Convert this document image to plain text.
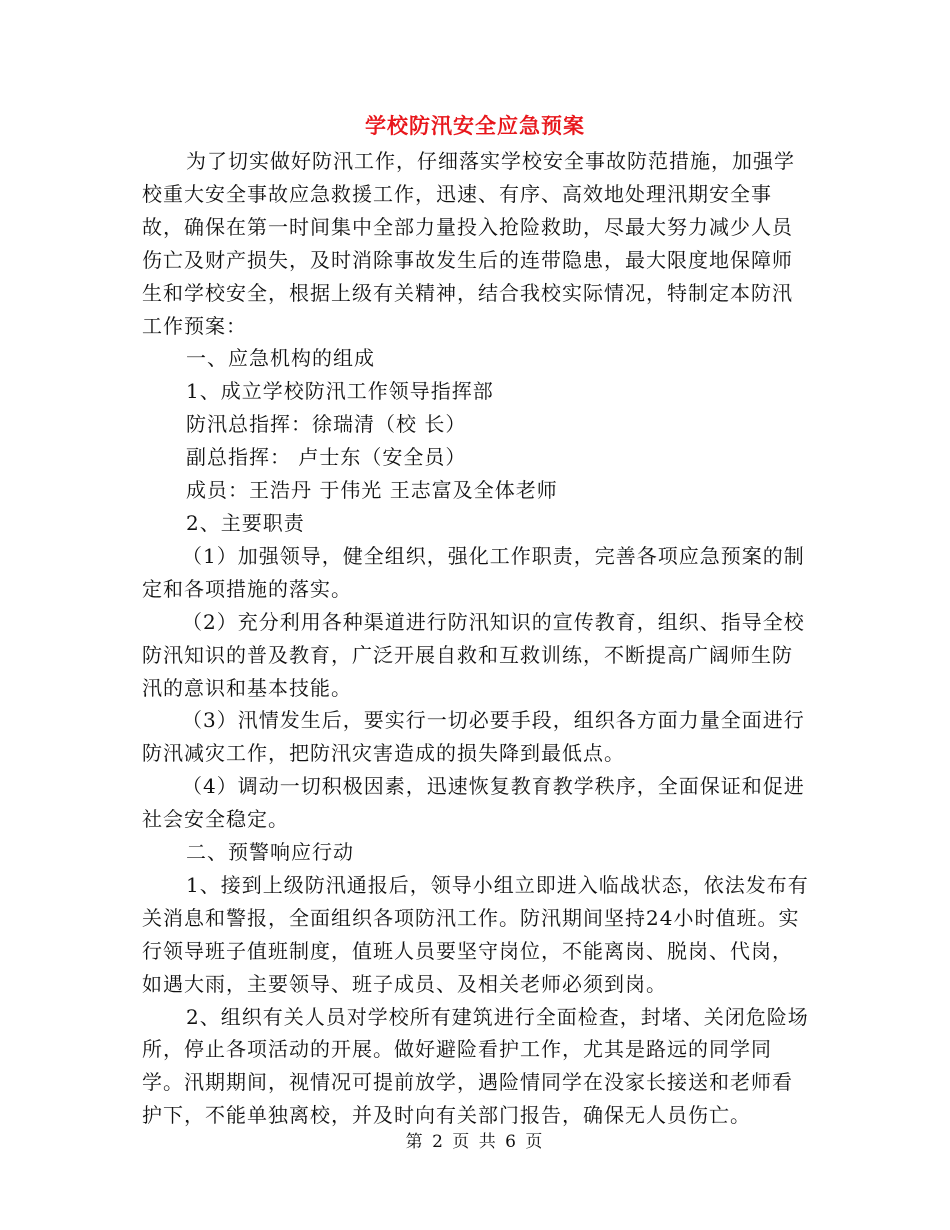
学校防汛安全应急预案

为了切实做好防汛工作，仔细落实学校安全事故防范措施，加强学校重大安全事故应急救援工作，迅速、有序、高效地处理汛期安全事故，确保在第一时间集中全部力量投入抢险救助，尽最大努力减少人员伤亡及财产损失，及时消除事故发生后的连带隐患，最大限度地保障师生和学校安全，根据上级有关精神，结合我校实际情况，特制定本防汛工作预案：

一、应急机构的组成

1、成立学校防汛工作领导指挥部

防汛总指挥：徐瑞清（校 长）

副总指挥： 卢士东（安全员）

成员：王浩丹 于伟光 王志富及全体老师

2、主要职责

（1）加强领导，健全组织，强化工作职责，完善各项应急预案的制定和各项措施的落实。

（2）充分利用各种渠道进行防汛知识的宣传教育，组织、指导全校防汛知识的普及教育，广泛开展自救和互救训练，不断提高广阔师生防汛的意识和基本技能。

（3）汛情发生后，要实行一切必要手段，组织各方面力量全面进行防汛减灾工作，把防汛灾害造成的损失降到最低点。

（4）调动一切积极因素，迅速恢复教育教学秩序，全面保证和促进社会安全稳定。

二、预警响应行动

1、接到上级防汛通报后，领导小组立即进入临战状态，依法发布有关消息和警报，全面组织各项防汛工作。防汛期间坚持24小时值班。实行领导班子值班制度，值班人员要坚守岗位，不能离岗、脱岗、代岗，如遇大雨，主要领导、班子成员、及相关老师必须到岗。

2、组织有关人员对学校所有建筑进行全面检查，封堵、关闭危险场所，停止各项活动的开展。做好避险看护工作，尤其是路远的同学同学。汛期期间，视情况可提前放学，遇险情同学在没家长接送和老师看护下，不能单独离校，并及时向有关部门报告，确保无人员伤亡。

第 2 页 共 6 页
